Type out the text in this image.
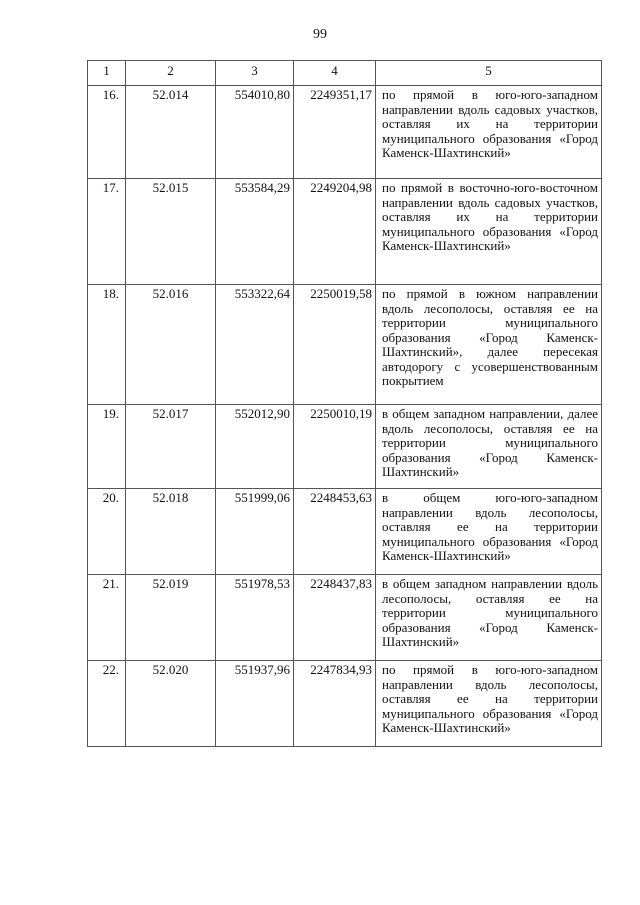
99
1	2	3	4	5
16.	52.014	554010,80	2249351,17	по прямой в юго-юго-западном направлении вдоль садовых участков, оставляя их на территории муниципального образования «Город Каменск-Шахтинский»
17.	52.015	553584,29	2249204,98	по прямой в восточно-юго-восточном направлении вдоль садовых участков, оставляя их на территории муниципального образования «Город Каменск-Шахтинский»
18.	52.016	553322,64	2250019,58	по прямой в южном направлении вдоль лесополосы, оставляя ее на территории муниципального образования «Город Каменск-Шахтинский», далее пересекая автодорогу с усовершенствованным покрытием
19.	52.017	552012,90	2250010,19	в общем западном направлении, далее вдоль лесополосы, оставляя ее на территории муниципального образования «Город Каменск-Шахтинский»
20.	52.018	551999,06	2248453,63	в общем юго-юго-западном направлении вдоль лесополосы, оставляя ее на территории муниципального образования «Город Каменск-Шахтинский»
21.	52.019	551978,53	2248437,83	в общем западном направлении вдоль лесополосы, оставляя ее на территории муниципального образования «Город Каменск-Шахтинский»
22.	52.020	551937,96	2247834,93	по прямой в юго-юго-западном направлении вдоль лесополосы, оставляя ее на территории муниципального образования «Город Каменск-Шахтинский»
